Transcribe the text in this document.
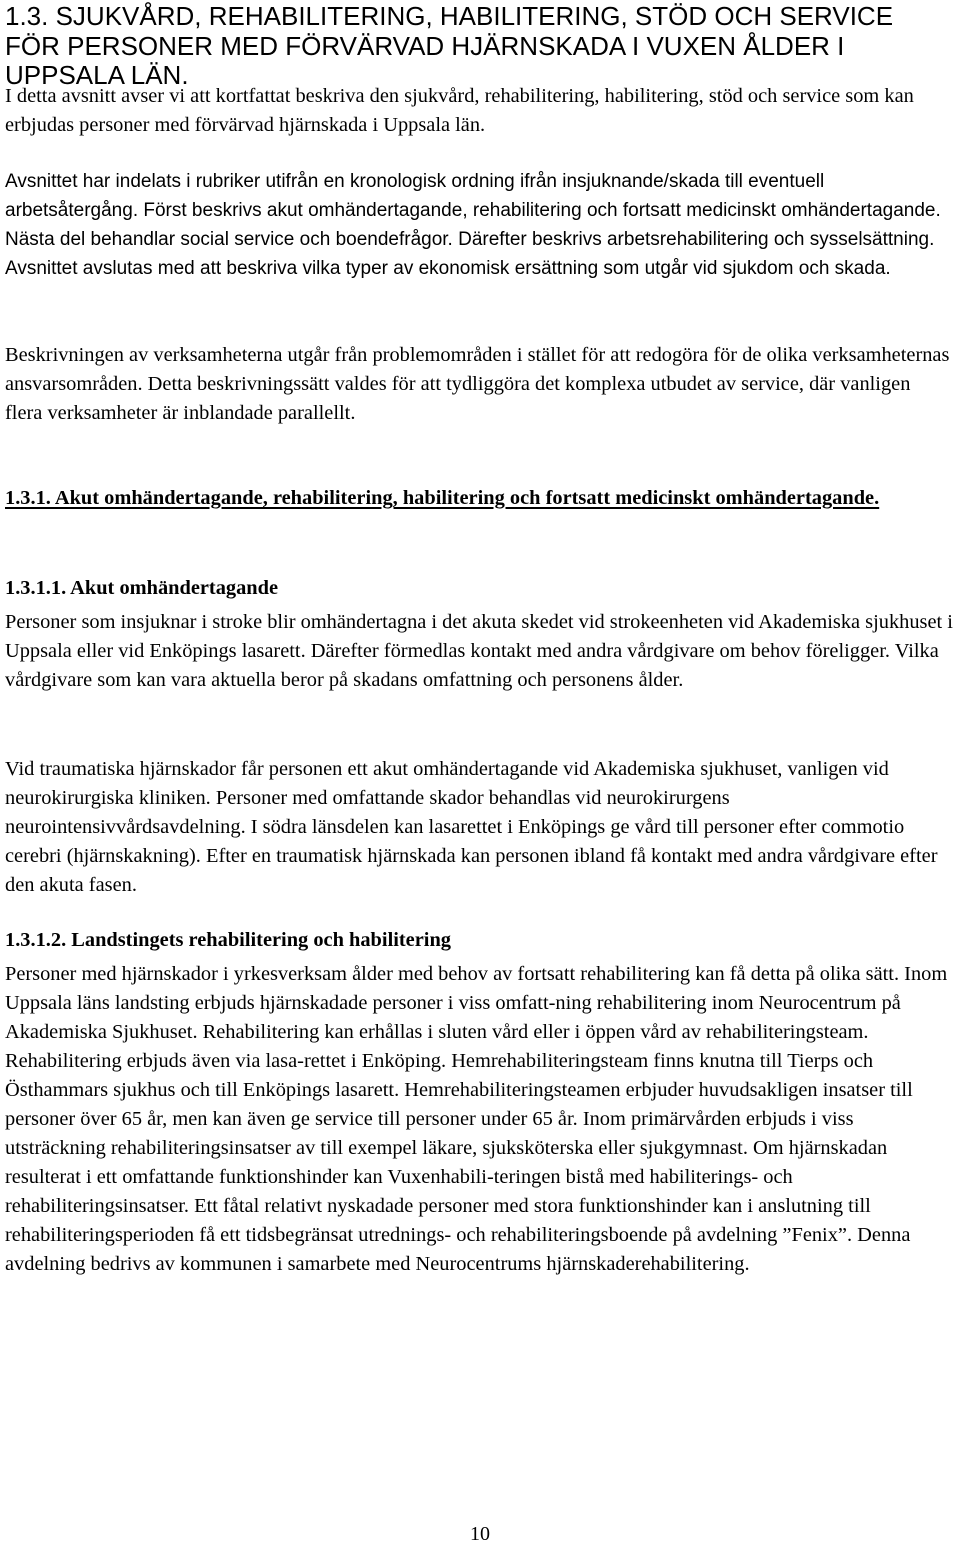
1.3. SJUKVÅRD, REHABILITERING, HABILITERING, STÖD OCH SERVICE FÖR PERSONER MED FÖRVÄRVAD HJÄRNSKADA I VUXEN ÅLDER I UPPSALA LÄN.

I detta avsnitt avser vi att kortfattat beskriva den sjukvård, rehabilitering, habilitering, stöd och service som kan erbjudas personer med förvärvad hjärnskada i Uppsala län.

Avsnittet har indelats i rubriker utifrån en kronologisk ordning ifrån insjuknande/skada till eventuell arbetsåtergång. Först beskrivs akut omhändertagande, rehabilitering och fortsatt medicinskt omhändertagande. Nästa del behandlar social service och boendefrågor. Därefter beskrivs arbetsrehabilitering och sysselsättning. Avsnittet avslutas med att beskriva vilka typer av ekonomisk ersättning som utgår vid sjukdom och skada.

Beskrivningen av verksamheterna utgår från problemområden i stället för att redogöra för de olika verksamheternas ansvarsområden. Detta beskrivningssätt valdes för att tydliggöra det komplexa utbudet av service, där vanligen flera verksamheter är inblandade parallellt.

1.3.1. Akut omhändertagande, rehabilitering, habilitering och fortsatt medicinskt omhändertagande.
1.3.1.1. Akut omhändertagande

Personer som insjuknar i stroke blir omhändertagna i det akuta skedet vid strokeenheten vid Akademiska sjukhuset i Uppsala eller vid Enköpings lasarett. Därefter förmedlas kontakt med andra vårdgivare om behov föreligger. Vilka vårdgivare som kan vara aktuella beror på skadans omfattning och personens ålder.

Vid traumatiska hjärnskador får personen ett akut omhändertagande vid Akademiska sjukhuset, vanligen vid neurokirurgiska kliniken. Personer med omfattande skador behandlas vid neurokirurgens neurointensivvårdsavdelning. I södra länsdelen kan lasarettet i Enköpings ge vård till personer efter commotio cerebri (hjärnskakning). Efter en traumatisk hjärnskada kan personen ibland få kontakt med andra vårdgivare efter den akuta fasen.

1.3.1.2. Landstingets rehabilitering och habilitering

Personer med hjärnskador i yrkesverksam ålder med behov av fortsatt rehabilitering kan få detta på olika sätt. Inom Uppsala läns landsting erbjuds hjärnskadade personer i viss omfatt-ning rehabilitering inom Neurocentrum på Akademiska Sjukhuset. Rehabilitering kan erhållas i sluten vård eller i öppen vård av rehabiliteringsteam. Rehabilitering erbjuds även via lasa-rettet i Enköping. Hemrehabiliteringsteam finns knutna till Tierps och Östhammars sjukhus och till Enköpings lasarett. Hemrehabiliteringsteamen erbjuder huvudsakligen insatser till personer över 65 år, men kan även ge service till personer under 65 år. Inom primärvården erbjuds i viss utsträckning rehabiliteringsinsatser av till exempel läkare, sjuksköterska eller sjukgymnast. Om hjärnskadan resulterat i ett omfattande funktionshinder kan Vuxenhabili-teringen bistå med habiliterings- och rehabiliteringsinsatser. Ett fåtal relativt nyskadade personer med stora funktionshinder kan i anslutning till rehabiliteringsperioden få ett tidsbegränsat utrednings- och rehabiliteringsboende på avdelning ”Fenix”. Denna avdelning bedrivs av kommunen i samarbete med Neurocentrums hjärnskaderehabilitering.

10
